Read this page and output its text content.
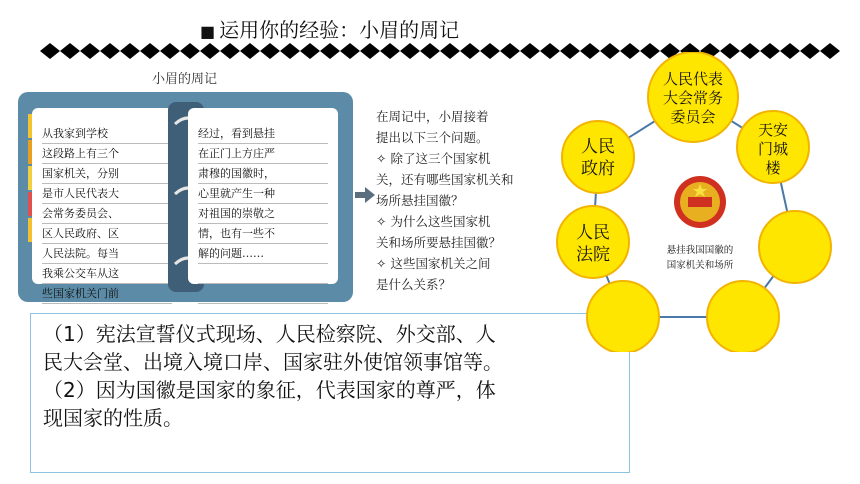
■ 运用你的经验：小眉的周记
小眉的周记
从我家到学校
这段路上有三个
国家机关，分别
是市人民代表大
会常务委员会、
区人民政府、区
人民法院。每当
我乘公交车从这
些国家机关门前
经过，看到悬挂
在正门上方庄严
肃穆的国徽时，
心里就产生一种
对祖国的崇敬之
情，也有一些不
解的问题……
在周记中，小眉接着
提出以下三个问题。
✧ 除了这三个国家机
关，还有哪些国家机关和
场所悬挂国徽？
✧ 为什么这些国家机
关和场所要悬挂国徽？
✧ 这些国家机关之间
是什么关系？
（1）宪法宣誓仪式现场、人民检察院、外交部、人
民大会堂、出境入境口岸、国家驻外使馆领事馆等。
（2）因为国徽是国家的象征，代表国家的尊严，体
现国家的性质。
悬挂我国国徽的
国家机关和场所
人民代表
大会常务
委员会
人民
政府
天安
门城
楼
人民
法院
